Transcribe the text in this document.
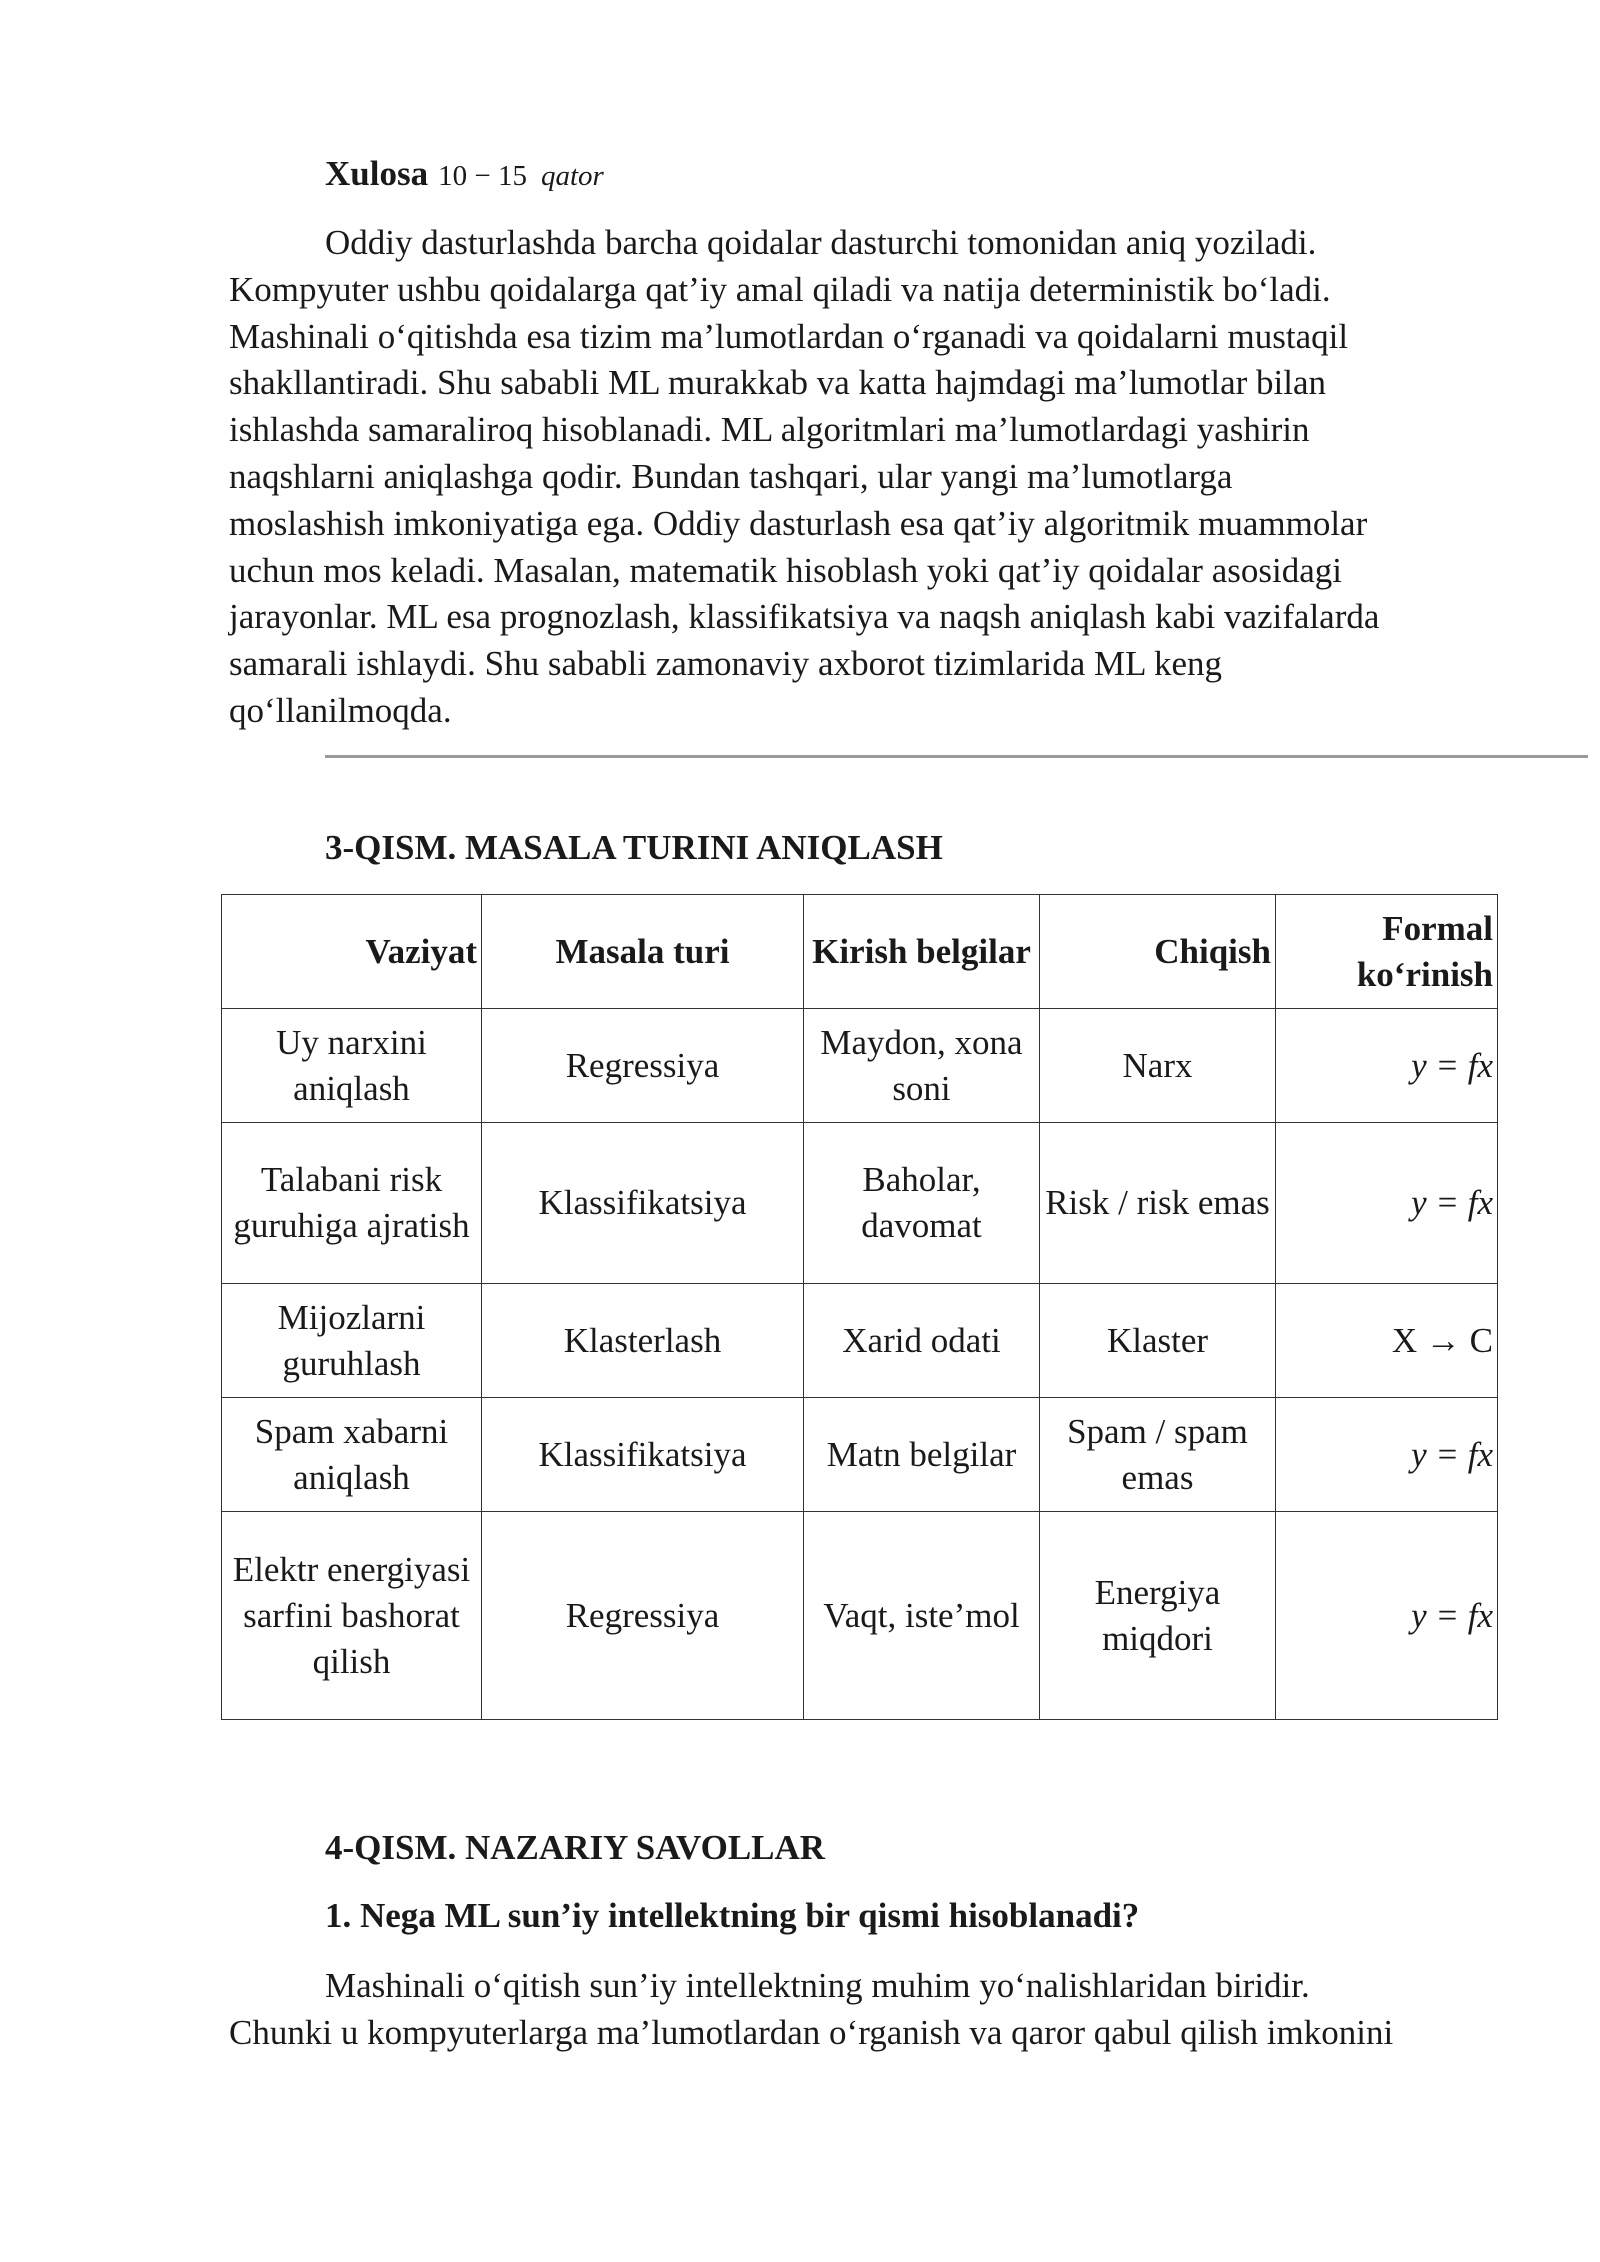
Xulosa 10 − 15 qator

Oddiy dasturlashda barcha qoidalar dasturchi tomonidan aniq yoziladi.
Kompyuter ushbu qoidalarga qat’iy amal qiladi va natija deterministik bo‘ladi.
Mashinali o‘qitishda esa tizim ma’lumotlardan o‘rganadi va qoidalarni mustaqil
shakllantiradi. Shu sababli ML murakkab va katta hajmdagi ma’lumotlar bilan
ishlashda samaraliroq hisoblanadi. ML algoritmlari ma’lumotlardagi yashirin
naqshlarni aniqlashga qodir. Bundan tashqari, ular yangi ma’lumotlarga
moslashish imkoniyatiga ega. Oddiy dasturlash esa qat’iy algoritmik muammolar
uchun mos keladi. Masalan, matematik hisoblash yoki qat’iy qoidalar asosidagi
jarayonlar. ML esa prognozlash, klassifikatsiya va naqsh aniqlash kabi vazifalarda
samarali ishlaydi. Shu sababli zamonaviy axborot tizimlarida ML keng
qo‘llanilmoqda.

3-QISM. MASALA TURINI ANIQLASH
Vaziyat	Masala turi	Kirish belgilar	Chiqish	Formal ko‘rinish
Uy narxini aniqlash	Regressiya	Maydon, xona soni	Narx	y = fx
Talabani risk guruhiga ajratish	Klassifikatsiya	Baholar, davomat	Risk / risk emas	y = fx
Mijozlarni guruhlash	Klasterlash	Xarid odati	Klaster	X → C
Spam xabarni aniqlash	Klassifikatsiya	Matn belgilar	Spam / spam emas	y = fx
Elektr energiyasi sarfini bashorat qilish	Regressiya	Vaqt, iste’mol	Energiya miqdori	y = fx
4-QISM. NAZARIY SAVOLLAR
1. Nega ML sun’iy intellektning bir qismi hisoblanadi?

Mashinali o‘qitish sun’iy intellektning muhim yo‘nalishlaridan biridir.
Chunki u kompyuterlarga ma’lumotlardan o‘rganish va qaror qabul qilish imkonini
